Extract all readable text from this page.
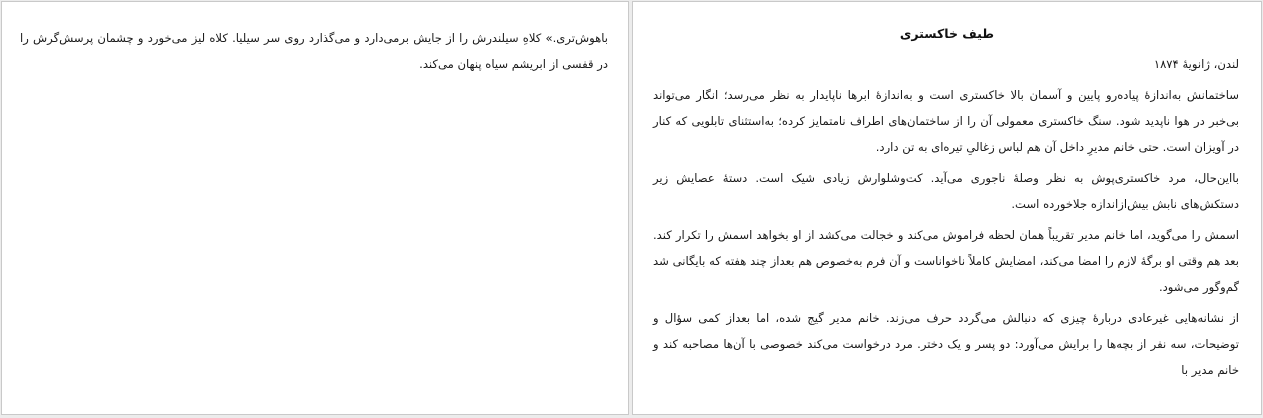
باهوش‌تری.» کلاهِ سیلندرش را از جایش برمی‌دارد و می‌گذارد روی سر سیلیا. کلاه لیز می‌خورد و چشمان پرسش‌گرش را در قفسی از ابریشم سیاه پنهان می‌کند.

طیف خاکستری
لندن، ژانویهٔ ۱۸۷۴

ساختمانش به‌اندازهٔ پیاده‌رو پایین و آسمان بالا خاکستری است و به‌اندازهٔ ابرها ناپایدار به نظر می‌رسد؛ انگار می‌تواند بی‌خبر در هوا ناپدید شود. سنگ خاکستری معمولی آن را از ساختمان‌های اطراف نامتمایز کرده؛ به‌استثنای تابلویی که کنار در آویزان است. حتی خانم مدیرِ داخل آن هم لباس زغالیِ تیره‌ای به تن دارد.

بااین‌حال، مرد خاکستری‌پوش به نظر وصلهٔ ناجوری می‌آید. کت‌وشلوارش زیادی شیک است. دستهٔ عصایش زیر دستکش‌های نابش بیش‌ازاندازه جلاخورده است.

اسمش را می‌گوید، اما خانم مدیر تقریباً همان لحظه فراموش می‌کند و خجالت می‌کشد از او بخواهد اسمش را تکرار کند. بعد هم وقتی او برگهٔ لازم را امضا می‌کند، امضایش کاملاً ناخواناست و آن فرم به‌خصوص هم بعداز چند هفته که بایگانی شد گم‌وگور می‌شود.

از نشانه‌هایی غیرعادی دربارهٔ چیزی که دنبالش می‌گردد حرف می‌زند. خانم مدیر گیج شده، اما بعداز کمی سؤال و توضیحات، سه نفر از بچه‌ها را برایش می‌آورد: دو پسر و یک دختر. مرد درخواست می‌کند خصوصی با آن‌ها مصاحبه کند و خانم مدیر با
